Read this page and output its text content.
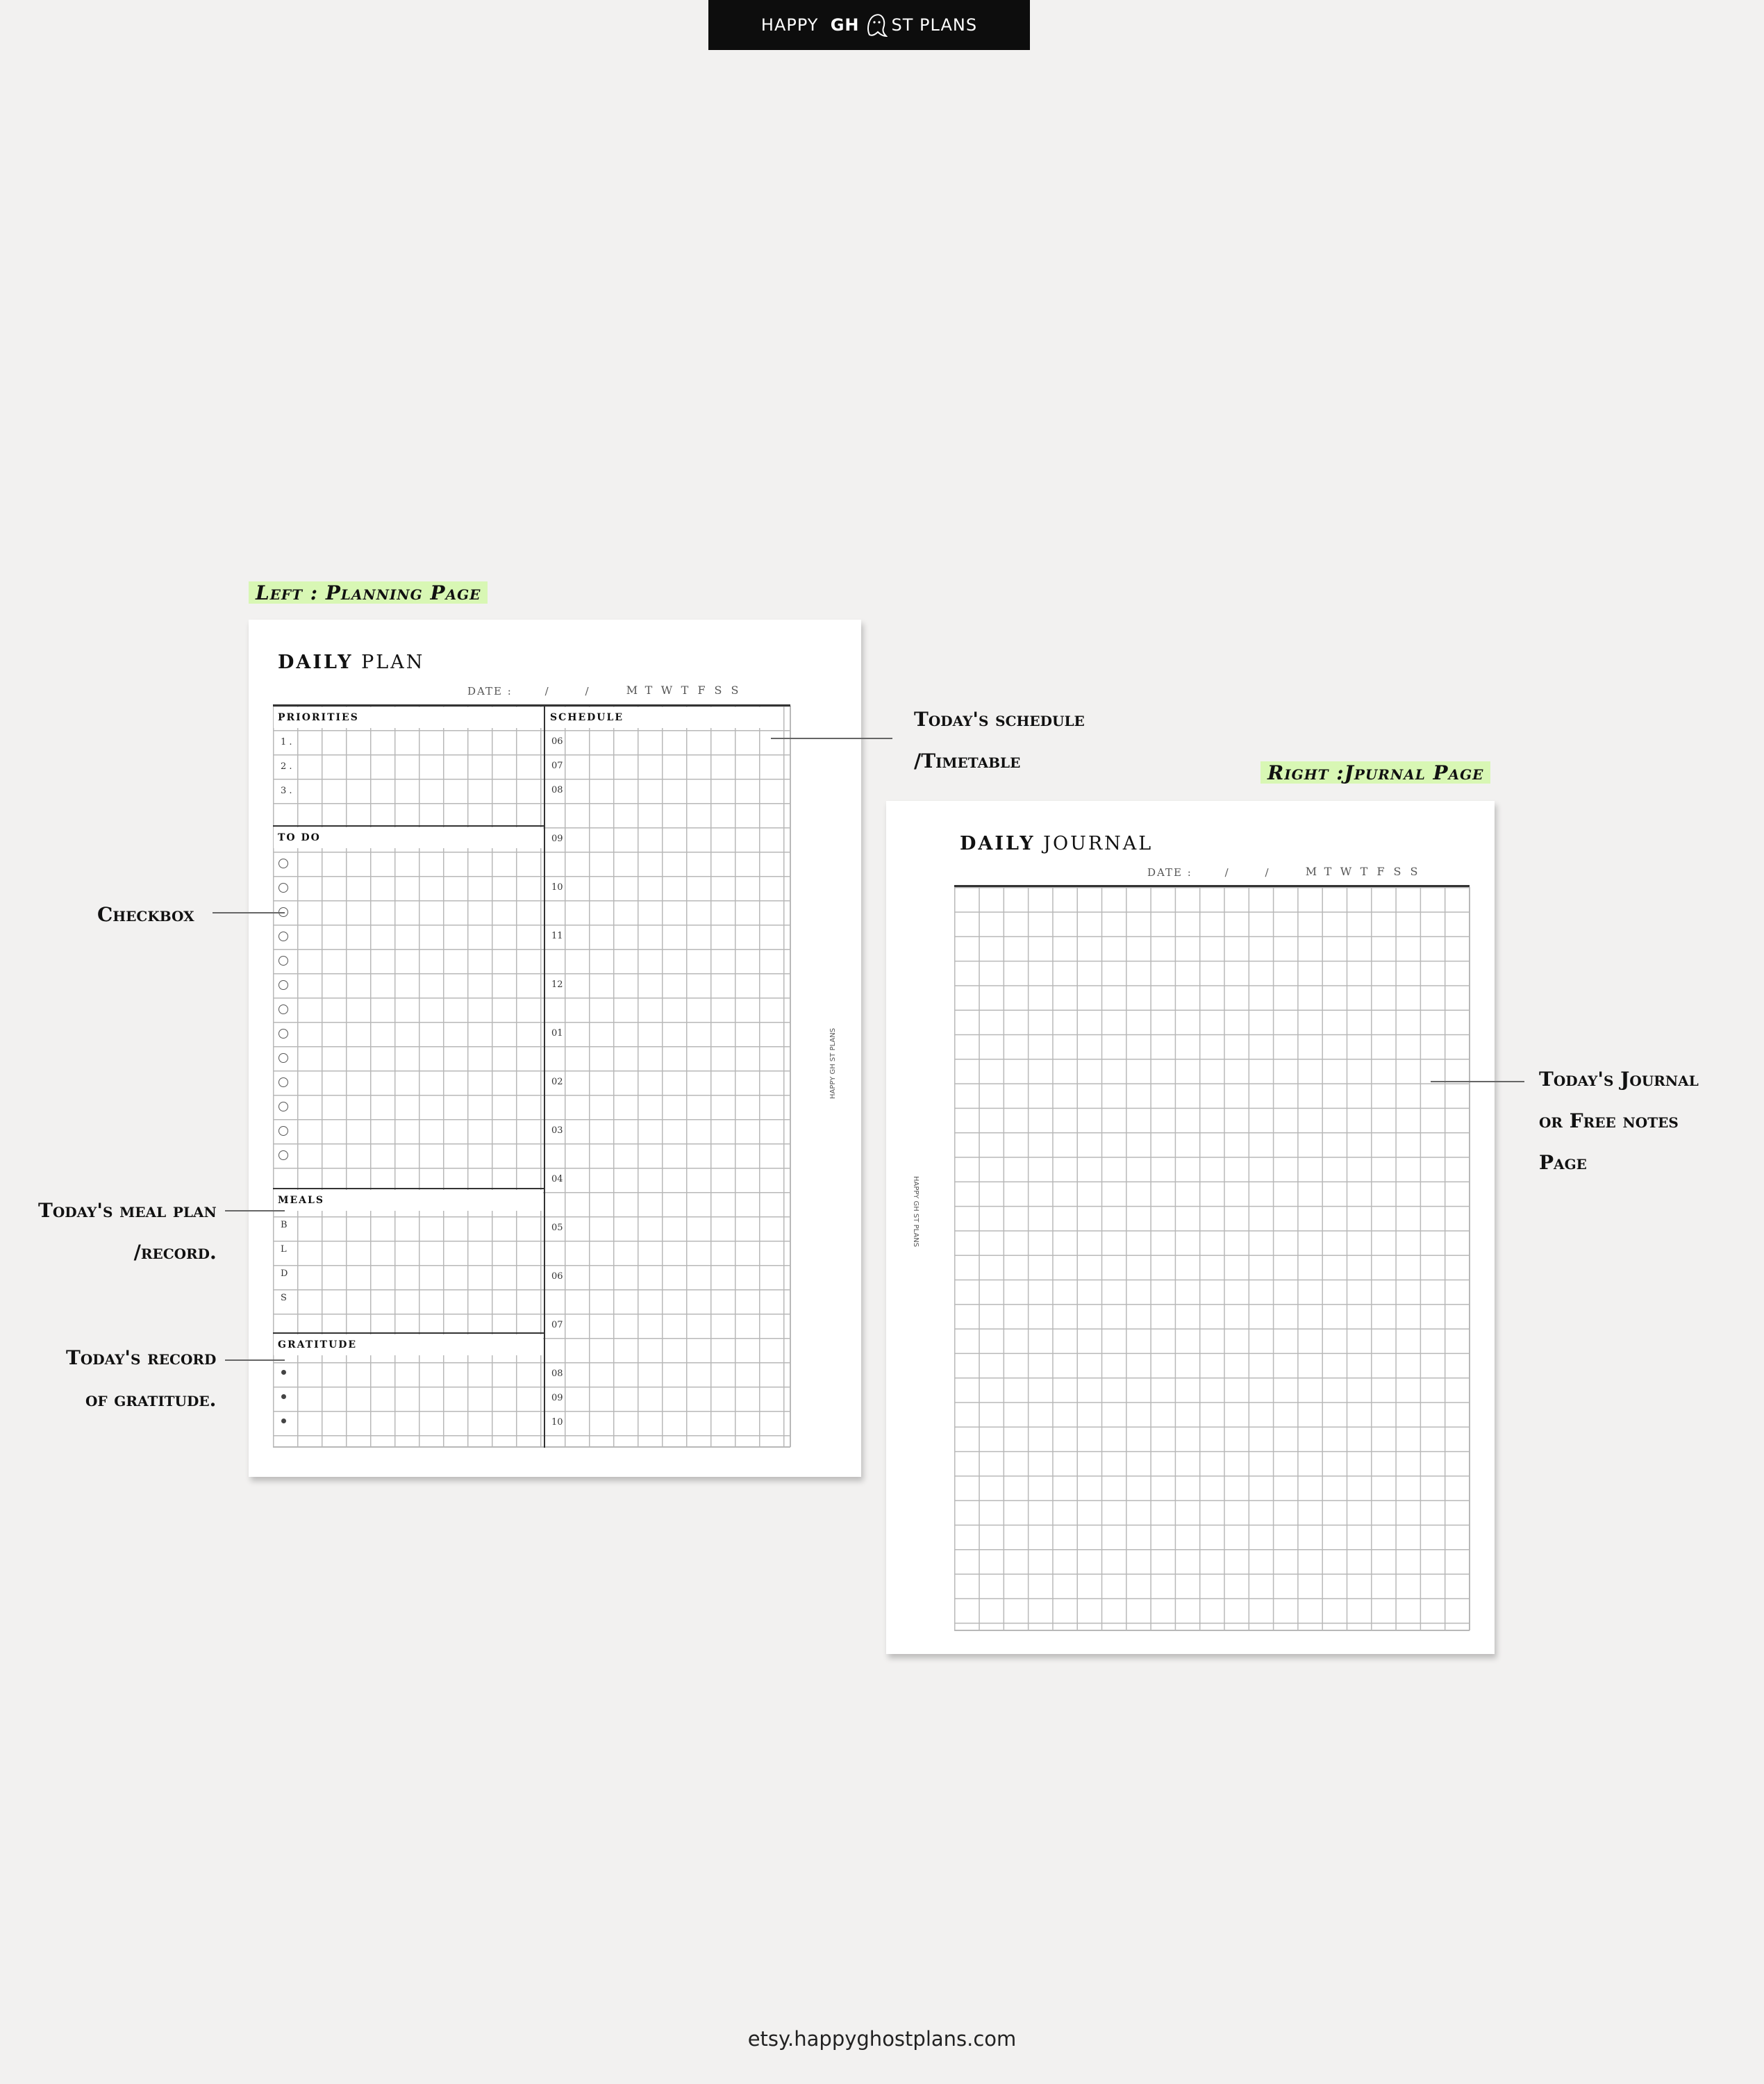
HAPPY
GH ST PLANS
Left : Planning Page
Right :Jpurnal Page
DAILY PLAN
DATE :	/	/	M T W T F S S
PRIORITIES	SCHEDULE
TO DO
MEALS
GRATITUDE
HAPPY GH ST PLANS
1 .
2 .
3 .
B
L
D
S
06
07
08
09
10
11
12
01
02
03
04
05
06
07
08
09
10
DAILY JOURNAL
DATE :	/	/	M T W T F S S
HAPPY GH ST PLANS
Today's schedule
/Timetable
Checkbox
Today's meal plan
/record.
Today's record
of gratitude.
Today's Journal
or Free notes
Page
etsy.happyghostplans.com
